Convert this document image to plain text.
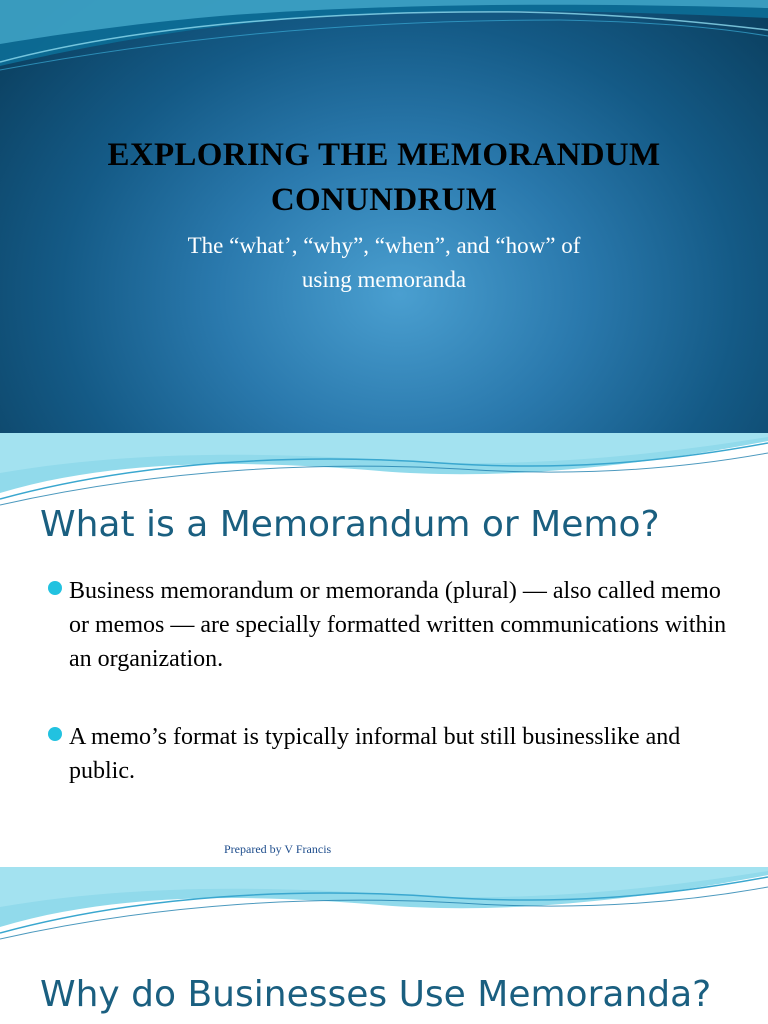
EXPLORING THE MEMORANDUM CONUNDRUM
The “what’, “why”, “when”, and “how” of
using memoranda
What is a Memorandum or Memo?
Business memorandum or memoranda (plural) — also called memo or memos — are specially formatted written communications within an organization.
A memo’s format is typically informal but still businesslike and public.
Prepared by V Francis
Why do Businesses Use Memoranda?
